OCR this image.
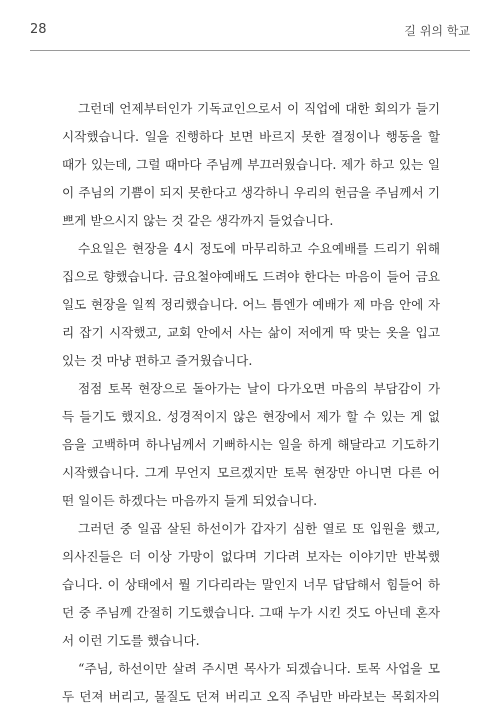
28	길 위의 학교
그런데 언제부터인가 기독교인으로서 이 직업에 대한 회의가 들기
시작했습니다. 일을 진행하다 보면 바르지 못한 결정이나 행동을 할
때가 있는데, 그럴 때마다 주님께 부끄러웠습니다. 제가 하고 있는 일
이 주님의 기쁨이 되지 못한다고 생각하니 우리의 헌금을 주님께서 기
쁘게 받으시지 않는 것 같은 생각까지 들었습니다.
수요일은 현장을 4시 정도에 마무리하고 수요예배를 드리기 위해
집으로 향했습니다. 금요철야예배도 드려야 한다는 마음이 들어 금요
일도 현장을 일찍 정리했습니다. 어느 틈엔가 예배가 제 마음 안에 자
리 잡기 시작했고, 교회 안에서 사는 삶이 저에게 딱 맞는 옷을 입고
있는 것 마냥 편하고 즐거웠습니다.
점점 토목 현장으로 돌아가는 날이 다가오면 마음의 부담감이 가
득 들기도 했지요. 성경적이지 않은 현장에서 제가 할 수 있는 게 없
음을 고백하며 하나님께서 기뻐하시는 일을 하게 해달라고 기도하기
시작했습니다. 그게 무언지 모르겠지만 토목 현장만 아니면 다른 어
떤 일이든 하겠다는 마음까지 들게 되었습니다.
그러던 중 일곱 살된 하선이가 갑자기 심한 열로 또 입원을 했고,
의사진들은 더 이상 가망이 없다며 기다려 보자는 이야기만 반복했
습니다. 이 상태에서 뭘 기다리라는 말인지 너무 답답해서 힘들어 하
던 중 주님께 간절히 기도했습니다. 그때 누가 시킨 것도 아닌데 혼자
서 이런 기도를 했습니다.
“주님, 하선이만 살려 주시면 목사가 되겠습니다. 토목 사업을 모
두 던져 버리고, 물질도 던져 버리고 오직 주님만 바라보는 목회자의
